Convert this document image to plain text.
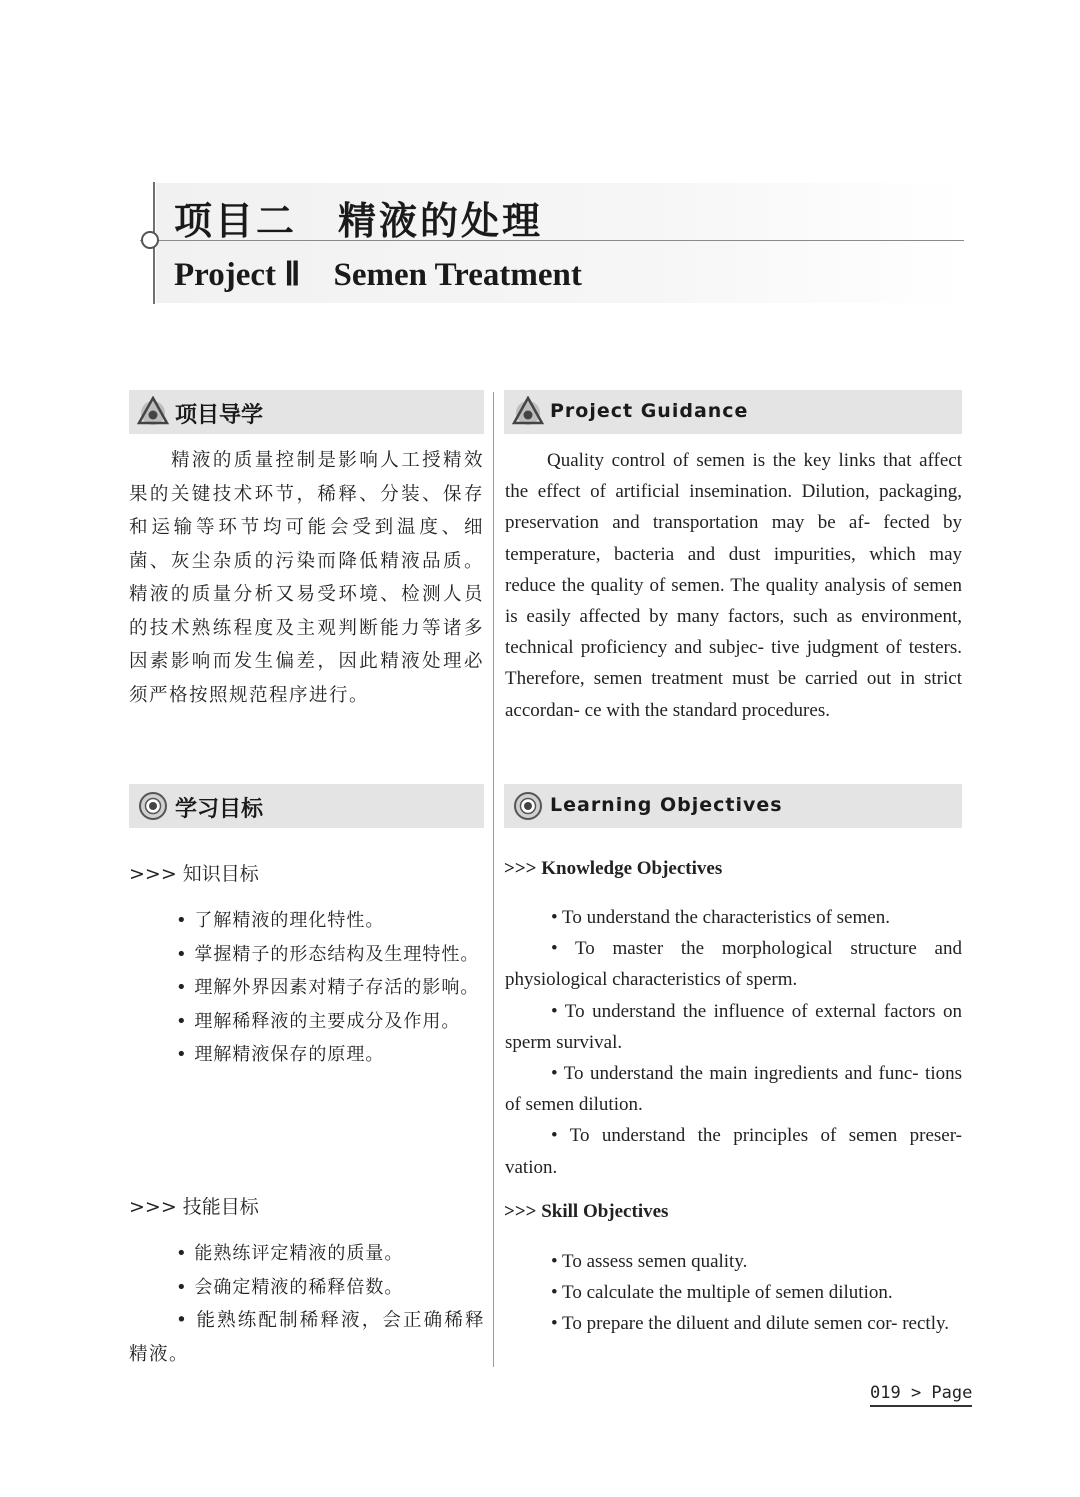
项目二　精液的处理
Project Ⅱ　Semen Treatment
项目导学	Project Guidance
精液的质量控制是影响人工授精效果的关键技术环节，稀释、分装、保存和运输等环节均可能会受到温度、细菌、灰尘杂质的污染而降低精液品质。精液的质量分析又易受环境、检测人员的技术熟练程度及主观判断能力等诸多因素影响而发生偏差，因此精液处理必须严格按照规范程序进行。
Quality control of semen is the key links that affect the effect of artificial insemination. Dilution, packaging, preservation and transportation may be af- fected by temperature, bacteria and dust impurities, which may reduce the quality of semen. The quality analysis of semen is easily affected by many factors, such as environment, technical proficiency and subjec- tive judgment of testers. Therefore, semen treatment must be carried out in strict accordan- ce with the standard procedures.
学习目标	Learning Objectives
>>> 知识目标	>>> Knowledge Objectives
• 了解精液的理化特性。
• 掌握精子的形态结构及生理特性。
• 理解外界因素对精子存活的影响。
• 理解稀释液的主要成分及作用。
• 理解精液保存的原理。
• To understand the characteristics of semen.
• To master the morphological structure and physiological characteristics of sperm.
• To understand the influence of external factors on sperm survival.
• To understand the main ingredients and func- tions of semen dilution.
• To understand the principles of semen preser- vation.
>>> 技能目标	>>> Skill Objectives
• 能熟练评定精液的质量。
• 会确定精液的稀释倍数。
• 能熟练配制稀释液，会正确稀释精液。
• To assess semen quality.
• To calculate the multiple of semen dilution.
• To prepare the diluent and dilute semen cor- rectly.
019 > Page
